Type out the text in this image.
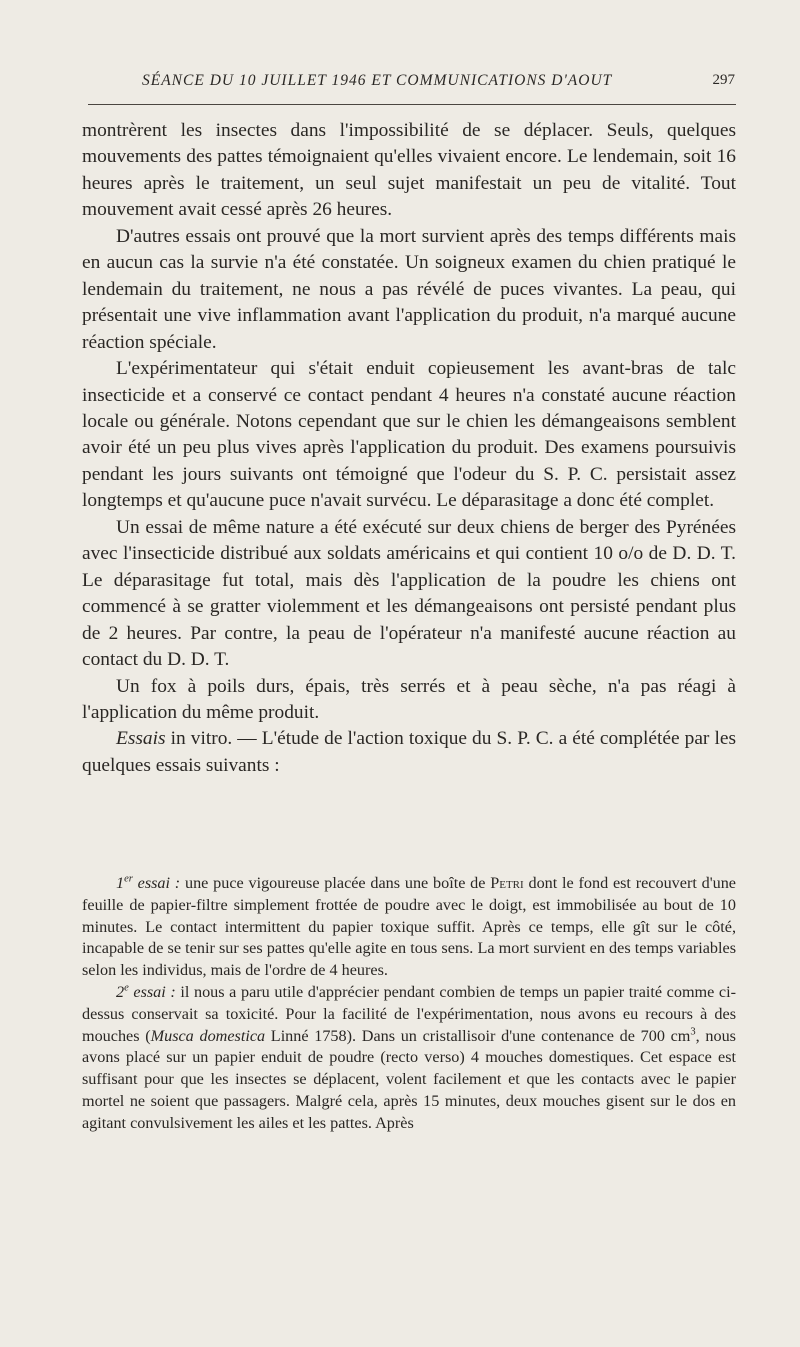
SÉANCE DU 10 JUILLET 1946 ET COMMUNICATIONS D'AOUT	297

montrèrent les insectes dans l'impossibilité de se déplacer. Seuls, quelques mouvements des pattes témoignaient qu'elles vivaient encore. Le lendemain, soit 16 heures après le traitement, un seul sujet manifestait un peu de vitalité. Tout mouvement avait cessé après 26 heures.

D'autres essais ont prouvé que la mort survient après des temps différents mais en aucun cas la survie n'a été constatée. Un soigneux examen du chien pratiqué le lendemain du traitement, ne nous a pas révélé de puces vivantes. La peau, qui présentait une vive inflammation avant l'application du produit, n'a marqué aucune réaction spéciale.

L'expérimentateur qui s'était enduit copieusement les avant-bras de talc insecticide et a conservé ce contact pendant 4 heures n'a constaté aucune réaction locale ou générale. Notons cependant que sur le chien les démangeaisons semblent avoir été un peu plus vives après l'application du produit. Des examens poursuivis pendant les jours suivants ont témoigné que l'odeur du S. P. C. persistait assez longtemps et qu'aucune puce n'avait survécu. Le déparasitage a donc été complet.

Un essai de même nature a été exécuté sur deux chiens de berger des Pyrénées avec l'insecticide distribué aux soldats américains et qui contient 10 o/o de D. D. T. Le déparasitage fut total, mais dès l'application de la poudre les chiens ont commencé à se gratter violemment et les démangeaisons ont persisté pendant plus de 2 heures. Par contre, la peau de l'opérateur n'a manifesté aucune réaction au contact du D. D. T.

Un fox à poils durs, épais, très serrés et à peau sèche, n'a pas réagi à l'application du même produit.

Essais in vitro. — L'étude de l'action toxique du S. P. C. a été complétée par les quelques essais suivants :

1er essai : une puce vigoureuse placée dans une boîte de Petri dont le fond est recouvert d'une feuille de papier-filtre simplement frottée de poudre avec le doigt, est immobilisée au bout de 10 minutes. Le contact intermittent du papier toxique suffit. Après ce temps, elle gît sur le côté, incapable de se tenir sur ses pattes qu'elle agite en tous sens. La mort survient en des temps variables selon les individus, mais de l'ordre de 4 heures.

2e essai : il nous a paru utile d'apprécier pendant combien de temps un papier traité comme ci-dessus conservait sa toxicité. Pour la facilité de l'expérimentation, nous avons eu recours à des mouches (Musca domestica Linné 1758). Dans un cristallisoir d'une contenance de 700 $cm^3$, nous avons placé sur un papier enduit de poudre (recto verso) 4 mouches domestiques. Cet espace est suffisant pour que les insectes se déplacent, volent facilement et que les contacts avec le papier mortel ne soient que passagers. Malgré cela, après 15 minutes, deux mouches gisent sur le dos en agitant convulsivement les ailes et les pattes. Après
